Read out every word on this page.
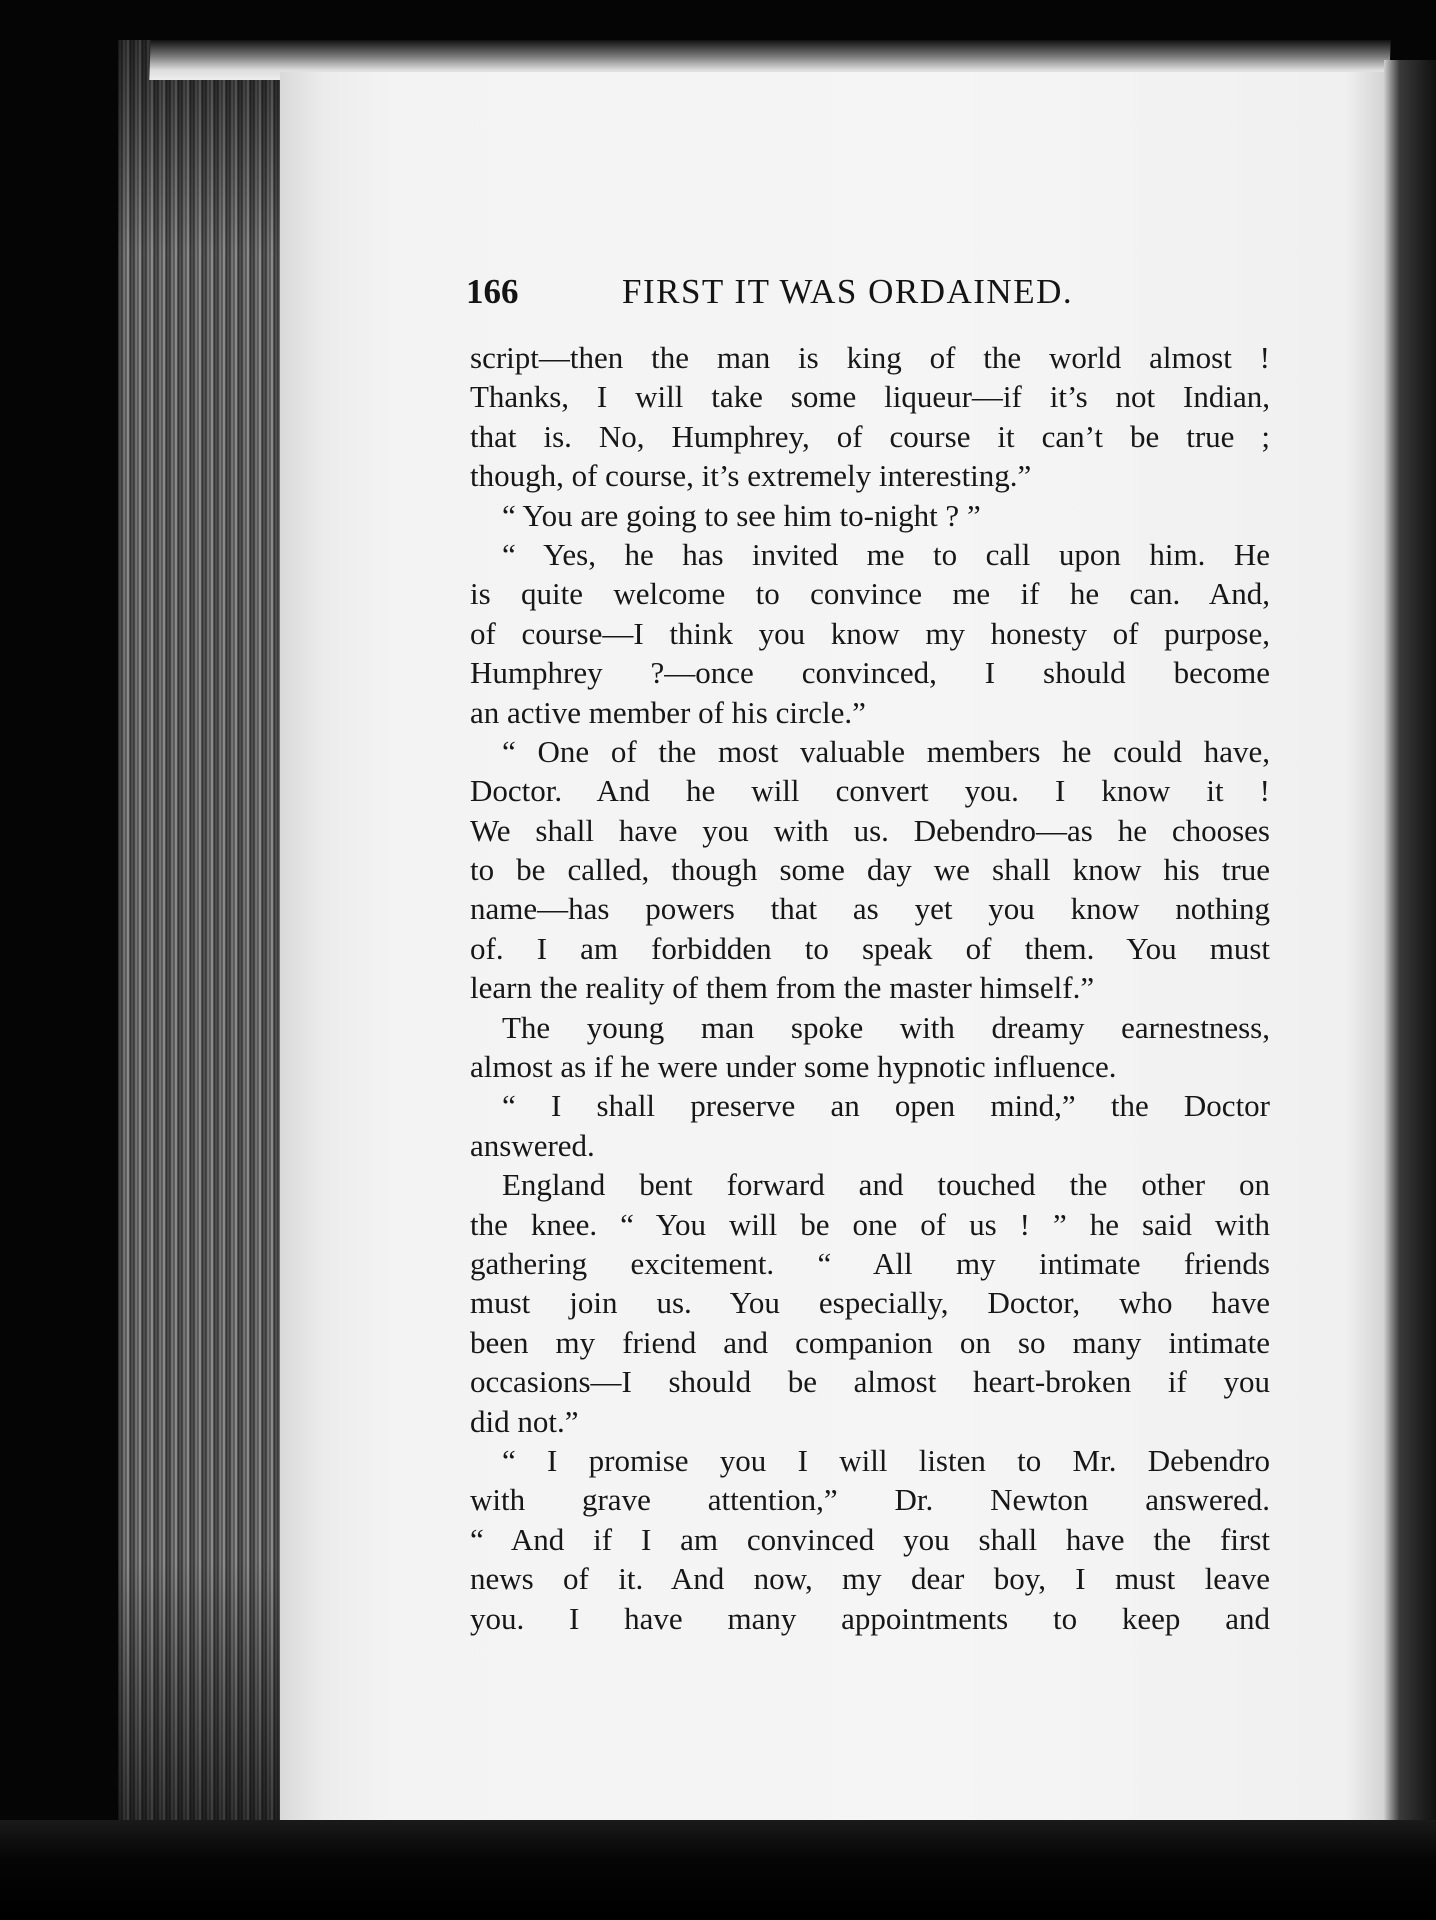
166	FIRST IT WAS ORDAINED.
script—then the man is king of the world almost !
Thanks, I will take some liqueur—if it’s not Indian,
that is. No, Humphrey, of course it can’t be true ;
though, of course, it’s extremely interesting.”
“ You are going to see him to-night ? ”
“ Yes, he has invited me to call upon him. He
is quite welcome to convince me if he can. And,
of course—I think you know my honesty of purpose,
Humphrey ?—once convinced, I should become
an active member of his circle.”
“ One of the most valuable members he could have,
Doctor. And he will convert you. I know it !
We shall have you with us. Debendro—as he chooses
to be called, though some day we shall know his true
name—has powers that as yet you know nothing
of. I am forbidden to speak of them. You must
learn the reality of them from the master himself.”
The young man spoke with dreamy earnestness,
almost as if he were under some hypnotic influence.
“ I shall preserve an open mind,” the Doctor
answered.
England bent forward and touched the other on
the knee. “ You will be one of us ! ” he said with
gathering excitement. “ All my intimate friends
must join us. You especially, Doctor, who have
been my friend and companion on so many intimate
occasions—I should be almost heart-broken if you
did not.”
“ I promise you I will listen to Mr. Debendro
with grave attention,” Dr. Newton answered.
“ And if I am convinced you shall have the first
news of it. And now, my dear boy, I must leave
you. I have many appointments to keep and
